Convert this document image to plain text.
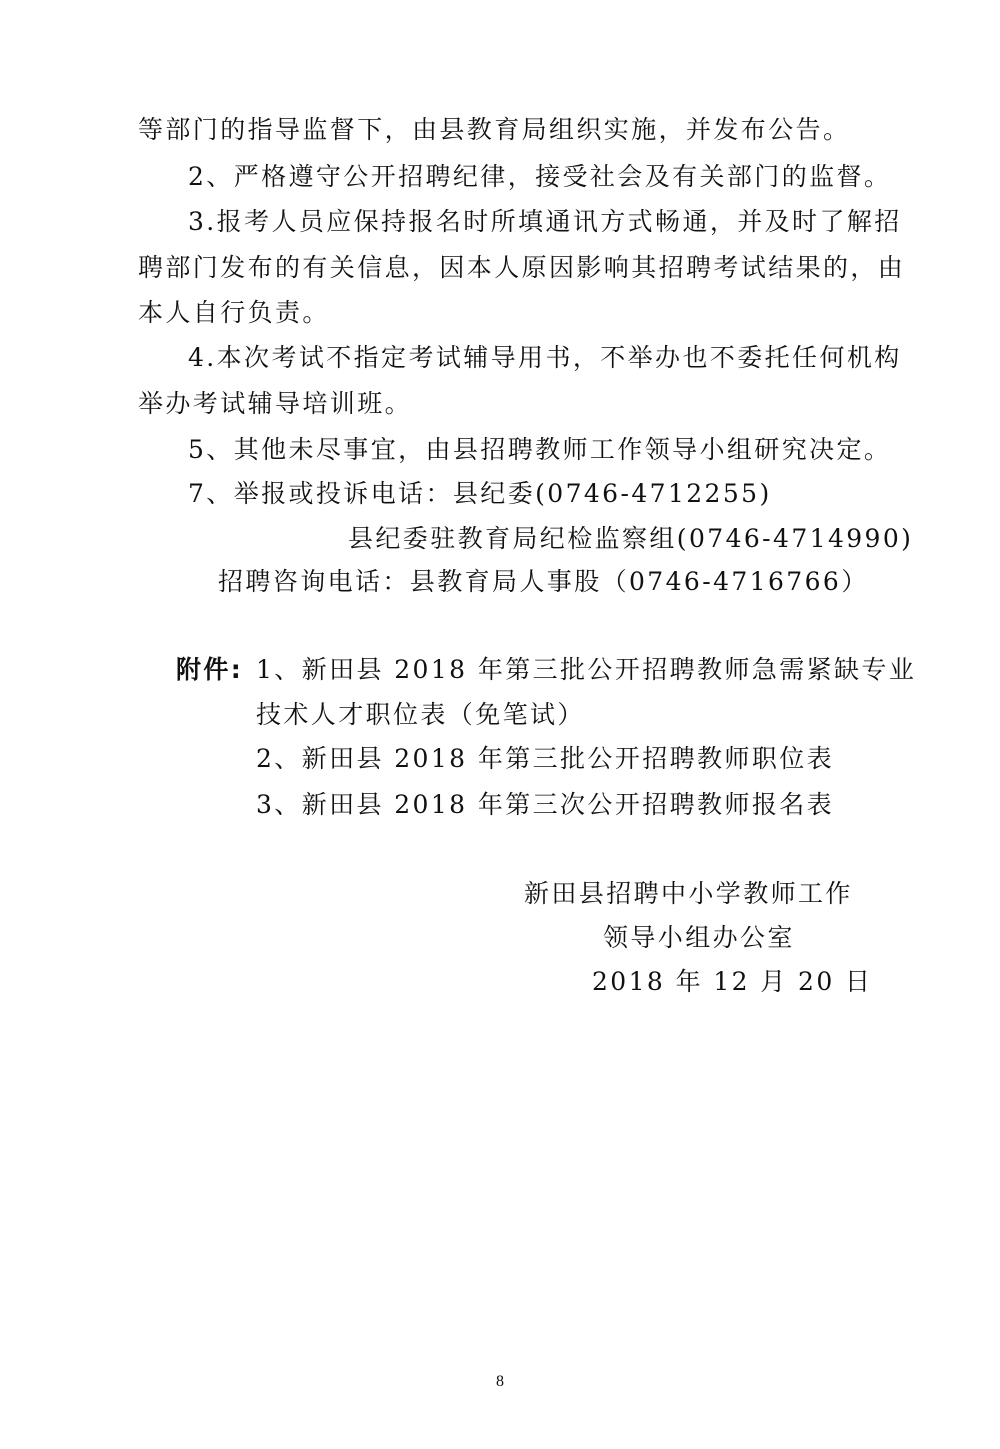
等部门的指导监督下，由县教育局组织实施，并发布公告。
2、严格遵守公开招聘纪律，接受社会及有关部门的监督。
3.报考人员应保持报名时所填通讯方式畅通，并及时了解招
聘部门发布的有关信息，因本人原因影响其招聘考试结果的，由
本人自行负责。
4.本次考试不指定考试辅导用书，不举办也不委托任何机构
举办考试辅导培训班。
5、其他未尽事宜，由县招聘教师工作领导小组研究决定。
7、举报或投诉电话：县纪委(0746-4712255)
县纪委驻教育局纪检监察组(0746-4714990)
招聘咨询电话：县教育局人事股（0746-4716766）
附件: 1、新田县 2018 年第三批公开招聘教师急需紧缺专业
技术人才职位表（免笔试）
2、新田县 2018 年第三批公开招聘教师职位表
3、新田县 2018 年第三次公开招聘教师报名表
新田县招聘中小学教师工作
领导小组办公室
2018 年 12 月 20 日
8
